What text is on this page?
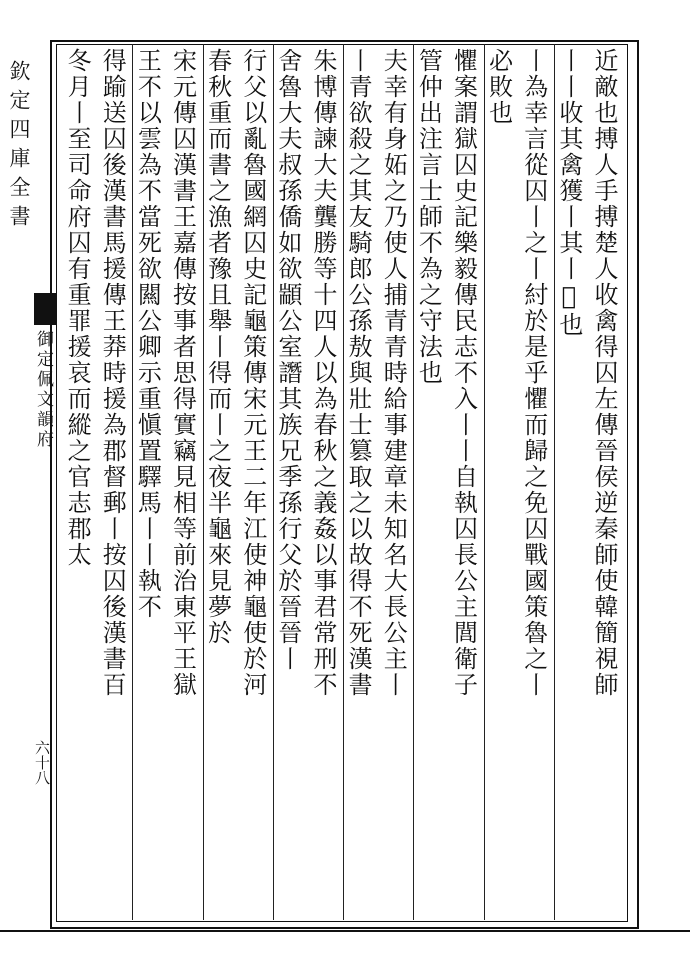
欽定四庫全書
御定佩文韻府
六十八
近敵也搏人手搏楚人收禽得囚左傳晉侯逆秦師使韓簡視師
丨丨收其禽獲丨其丨𢧐也
丨為幸言從囚丨之丨紂於是乎懼而歸之免囚戰國策魯之丨
必敗也
懼案謂獄囚史記樂毅傳民志不入丨丨自執囚長公主閭衛子
管仲出注言士師不為之守法也
夫幸有身妬之乃使人捕青青時給事建章未知名大長公主丨
丨青欲殺之其友騎郎公孫敖與壯士篡取之以故得不死漢書
朱博傳諫大夫龔勝等十四人以為春秋之義姦以事君常刑不
舍魯大夫叔孫僑如欲顓公室譖其族兄季孫行父於晉晉丨
行父以亂魯國網囚史記龜策傳宋元王二年江使神龜使於河
春秋重而書之漁者豫且舉丨得而丨之夜半龜來見夢於
宋元傳囚漢書王嘉傳按事者思得實竊見相等前治東平王獄
王不以雲為不當死欲闗公卿示重愼置驛馬丨丨執不
得踰送囚後漢書馬援傳王莽時援為郡督郵丨按囚後漢書百
冬月丨至司命府囚有重罪援哀而縱之官志郡太
